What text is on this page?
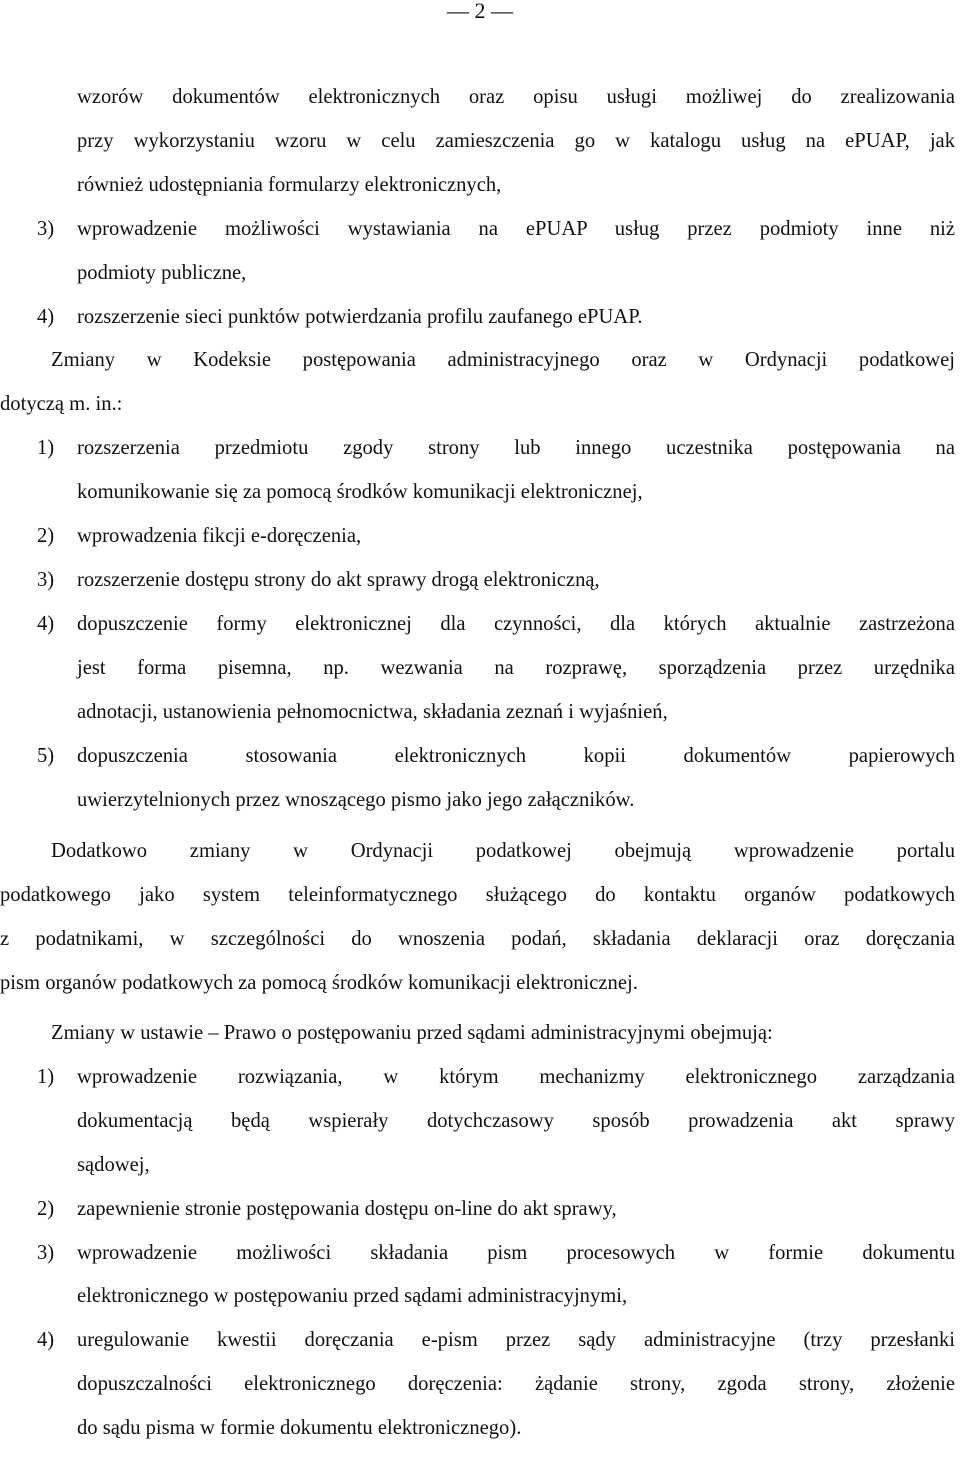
— 2 —
wzorów dokumentów elektronicznych oraz opisu usługi możliwej do zrealizowania
przy wykorzystaniu wzoru w celu zamieszczenia go w katalogu usług na ePUAP, jak
również udostępniania formularzy elektronicznych,
3) wprowadzenie możliwości wystawiania na ePUAP usług przez podmioty inne niż
podmioty publiczne,
4) rozszerzenie sieci punktów potwierdzania profilu zaufanego ePUAP.
Zmiany w Kodeksie postępowania administracyjnego oraz w Ordynacji podatkowej
dotyczą m. in.:
1) rozszerzenia przedmiotu zgody strony lub innego uczestnika postępowania na
komunikowanie się za pomocą środków komunikacji elektronicznej,
2) wprowadzenia fikcji e-doręczenia,
3) rozszerzenie dostępu strony do akt sprawy drogą elektroniczną,
4) dopuszczenie formy elektronicznej dla czynności, dla których aktualnie zastrzeżona
jest forma pisemna, np. wezwania na rozprawę, sporządzenia przez urzędnika
adnotacji, ustanowienia pełnomocnictwa, składania zeznań i wyjaśnień,
5) dopuszczenia stosowania elektronicznych kopii dokumentów papierowych
uwierzytelnionych przez wnoszącego pismo jako jego załączników.
Dodatkowo zmiany w Ordynacji podatkowej obejmują wprowadzenie portalu
podatkowego jako system teleinformatycznego służącego do kontaktu organów podatkowych
z podatnikami, w szczególności do wnoszenia podań, składania deklaracji oraz doręczania
pism organów podatkowych za pomocą środków komunikacji elektronicznej.
Zmiany w ustawie – Prawo o postępowaniu przed sądami administracyjnymi obejmują:
1) wprowadzenie rozwiązania, w którym mechanizmy elektronicznego zarządzania
dokumentacją będą wspierały dotychczasowy sposób prowadzenia akt sprawy
sądowej,
2) zapewnienie stronie postępowania dostępu on-line do akt sprawy,
3) wprowadzenie możliwości składania pism procesowych w formie dokumentu
elektronicznego w postępowaniu przed sądami administracyjnymi,
4) uregulowanie kwestii doręczania e-pism przez sądy administracyjne (trzy przesłanki
dopuszczalności elektronicznego doręczenia: żądanie strony, zgoda strony, złożenie
do sądu pisma w formie dokumentu elektronicznego).
